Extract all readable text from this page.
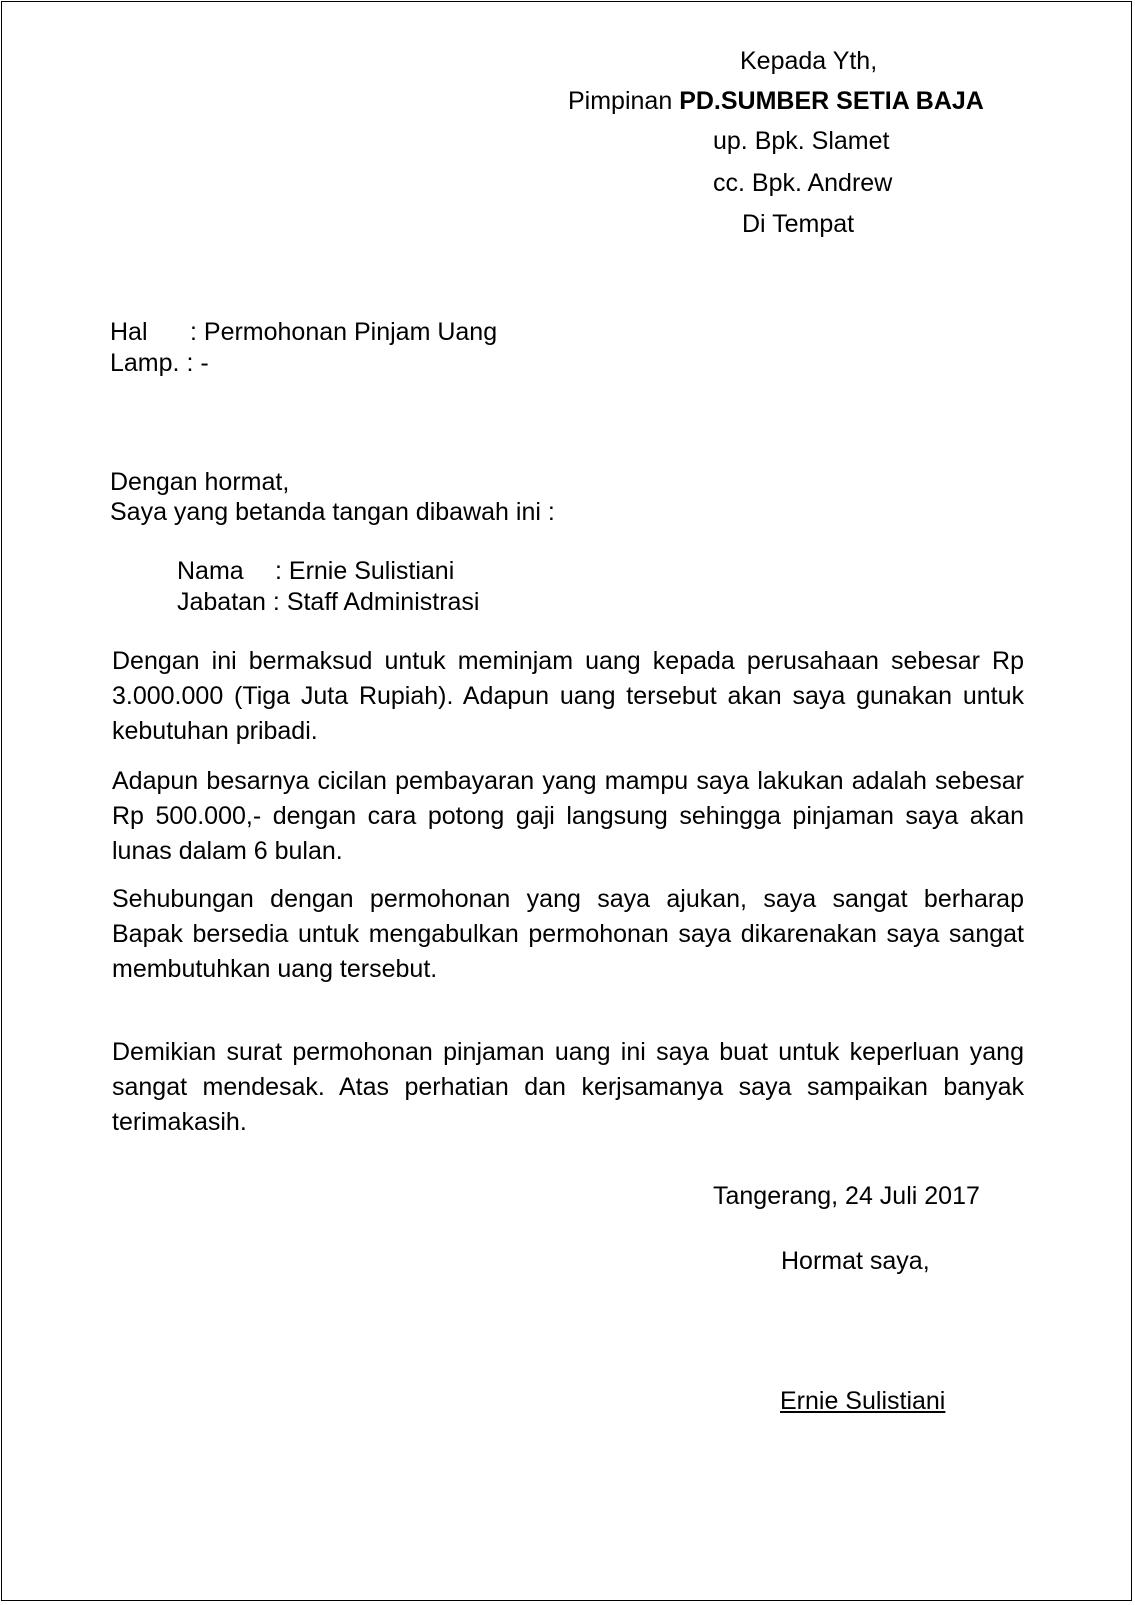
Kepada Yth,
Pimpinan PD.SUMBER SETIA BAJA
up. Bpk. Slamet
cc. Bpk. Andrew
Di Tempat
Hal : Permohonan Pinjam Uang
Lamp. : -
Dengan hormat,
Saya yang betanda tangan dibawah ini :
Nama : Ernie Sulistiani
Jabatan : Staff Administrasi
Dengan ini bermaksud untuk meminjam uang kepada perusahaan sebesar Rp 3.000.000 (Tiga Juta Rupiah). Adapun uang tersebut akan saya gunakan untuk kebutuhan pribadi.
Adapun besarnya cicilan pembayaran yang mampu saya lakukan adalah sebesar Rp 500.000,- dengan cara potong gaji langsung sehingga pinjaman saya akan lunas dalam 6 bulan.
Sehubungan dengan permohonan yang saya ajukan, saya sangat berharap Bapak bersedia untuk mengabulkan permohonan saya dikarenakan saya sangat membutuhkan uang tersebut.
Demikian surat permohonan pinjaman uang ini saya buat untuk keperluan yang sangat mendesak. Atas perhatian dan kerjsamanya saya sampaikan banyak terimakasih.
Tangerang, 24 Juli 2017
Hormat saya,
Ernie Sulistiani
